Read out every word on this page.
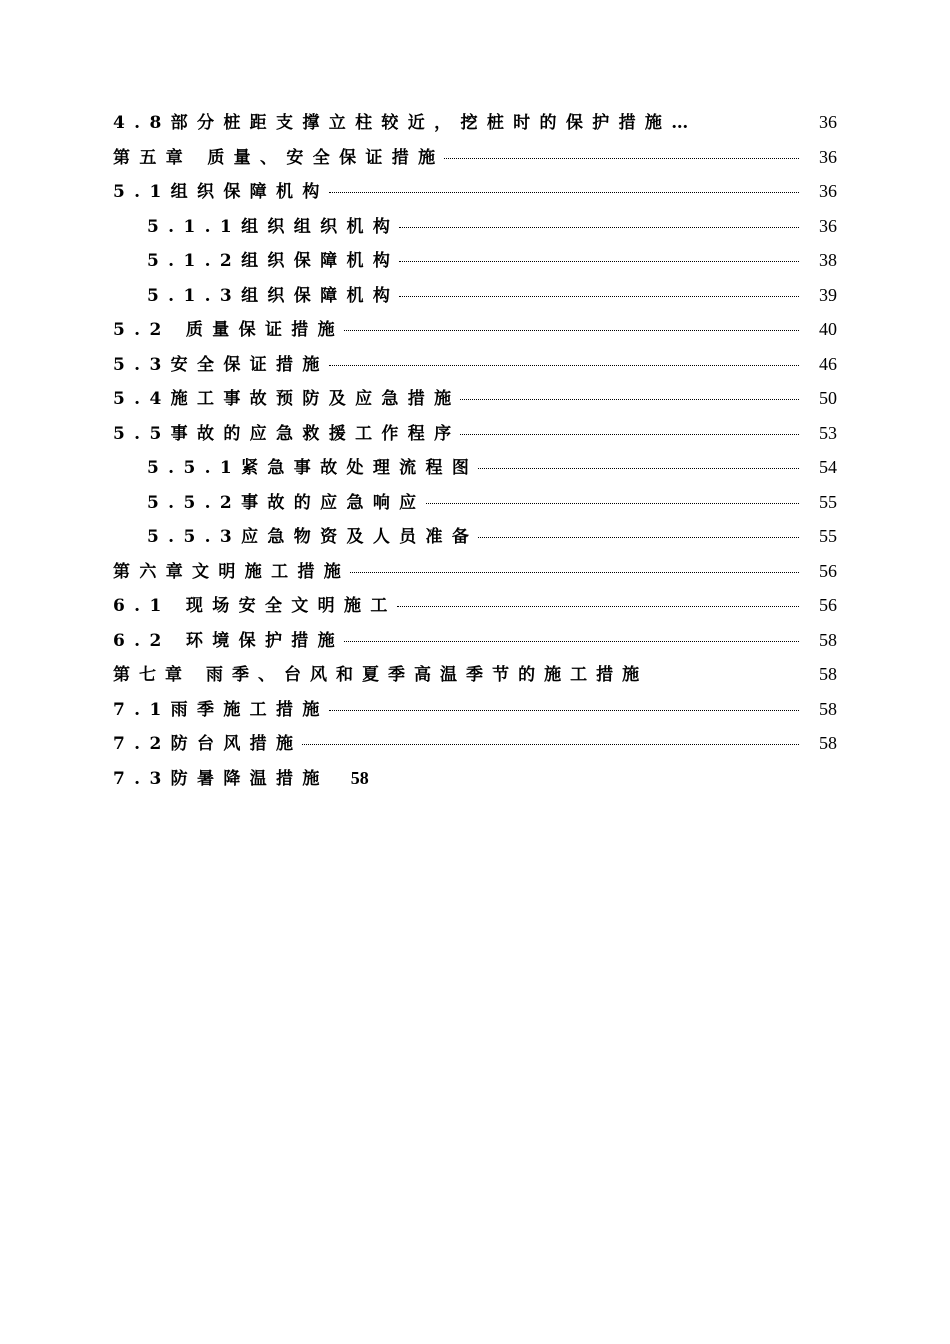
4.8部分桩距支撑立柱较近，挖桩时的保护措施…	36
第五章 质量、安全保证措施	36
5.1组织保障机构	36
5.1.1组织组织机构	36
5.1.2组织保障机构	38
5.1.3组织保障机构	39
5.2 质量保证措施	40
5.3安全保证措施	46
5.4施工事故预防及应急措施	50
5.5事故的应急救援工作程序	53
5.5.1紧急事故处理流程图	54
5.5.2事故的应急响应	55
5.5.3应急物资及人员准备	55
第六章文明施工措施	56
6.1 现场安全文明施工	56
6.2 环境保护措施	58
第七章 雨季、台风和夏季高温季节的施工措施	58
7.1雨季施工措施	58
7.2防台风措施	58
7.3防暑降温措施 58
